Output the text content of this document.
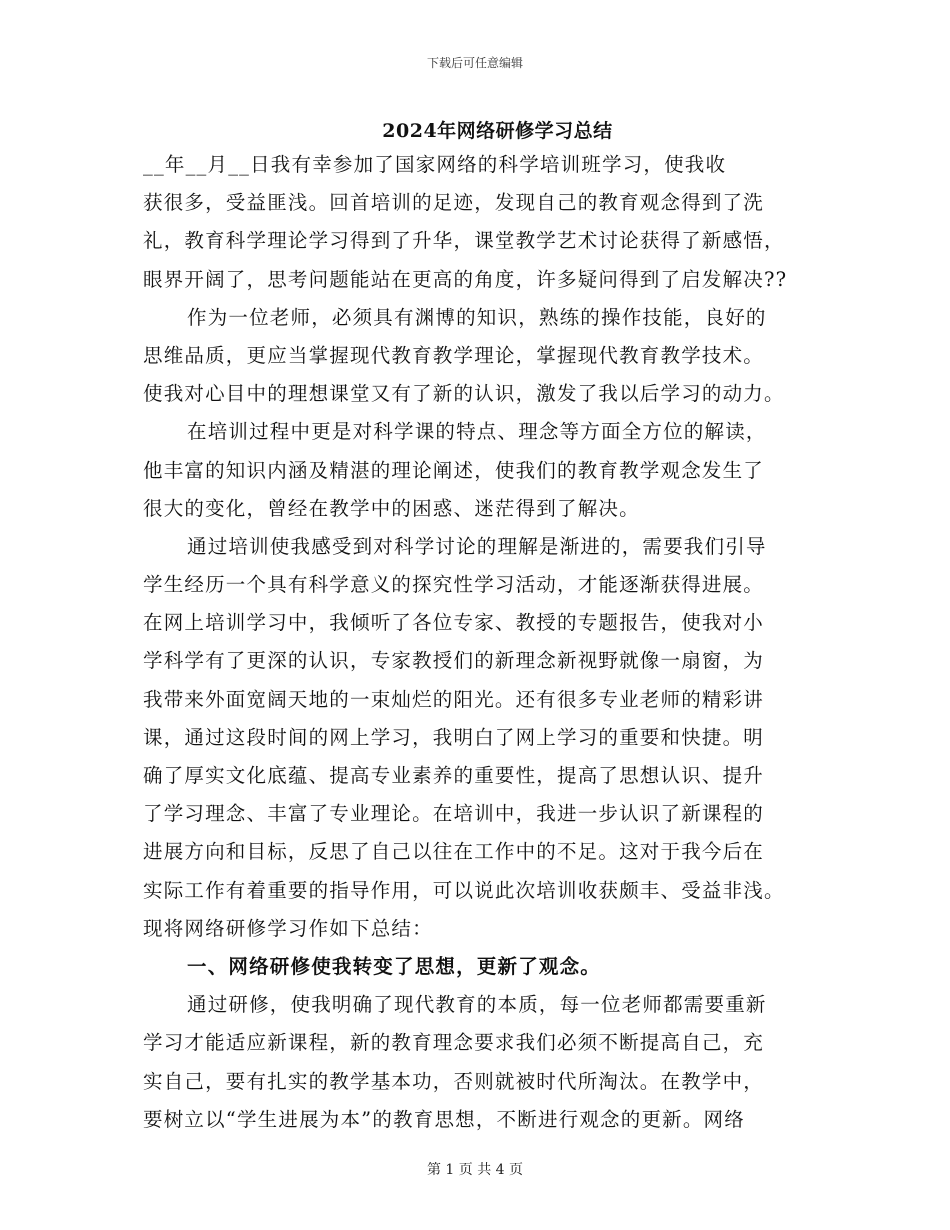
下载后可任意编辑
2024年网络研修学习总结
__年__月__日我有幸参加了国家网络的科学培训班学习，使我收
获很多，受益匪浅。回首培训的足迹，发现自己的教育观念得到了洗
礼，教育科学理论学习得到了升华，课堂教学艺术讨论获得了新感悟，
眼界开阔了，思考问题能站在更高的角度，许多疑问得到了启发解决??
作为一位老师，必须具有渊博的知识，熟练的操作技能，良好的
思维品质，更应当掌握现代教育教学理论，掌握现代教育教学技术。
使我对心目中的理想课堂又有了新的认识，激发了我以后学习的动力。
在培训过程中更是对科学课的特点、理念等方面全方位的解读，
他丰富的知识内涵及精湛的理论阐述，使我们的教育教学观念发生了
很大的变化，曾经在教学中的困惑、迷茫得到了解决。
通过培训使我感受到对科学讨论的理解是渐进的，需要我们引导
学生经历一个具有科学意义的探究性学习活动，才能逐渐获得进展。
在网上培训学习中，我倾听了各位专家、教授的专题报告，使我对小
学科学有了更深的认识，专家教授们的新理念新视野就像一扇窗，为
我带来外面宽阔天地的一束灿烂的阳光。还有很多专业老师的精彩讲
课，通过这段时间的网上学习，我明白了网上学习的重要和快捷。明
确了厚实文化底蕴、提高专业素养的重要性，提高了思想认识、提升
了学习理念、丰富了专业理论。在培训中，我进一步认识了新课程的
进展方向和目标，反思了自己以往在工作中的不足。这对于我今后在
实际工作有着重要的指导作用，可以说此次培训收获颇丰、受益非浅。
现将网络研修学习作如下总结：
一、网络研修使我转变了思想，更新了观念。
通过研修，使我明确了现代教育的本质，每一位老师都需要重新
学习才能适应新课程，新的教育理念要求我们必须不断提高自己，充
实自己，要有扎实的教学基本功，否则就被时代所淘汰。在教学中，
要树立以“学生进展为本”的教育思想，不断进行观念的更新。网络
第 1 页 共 4 页
